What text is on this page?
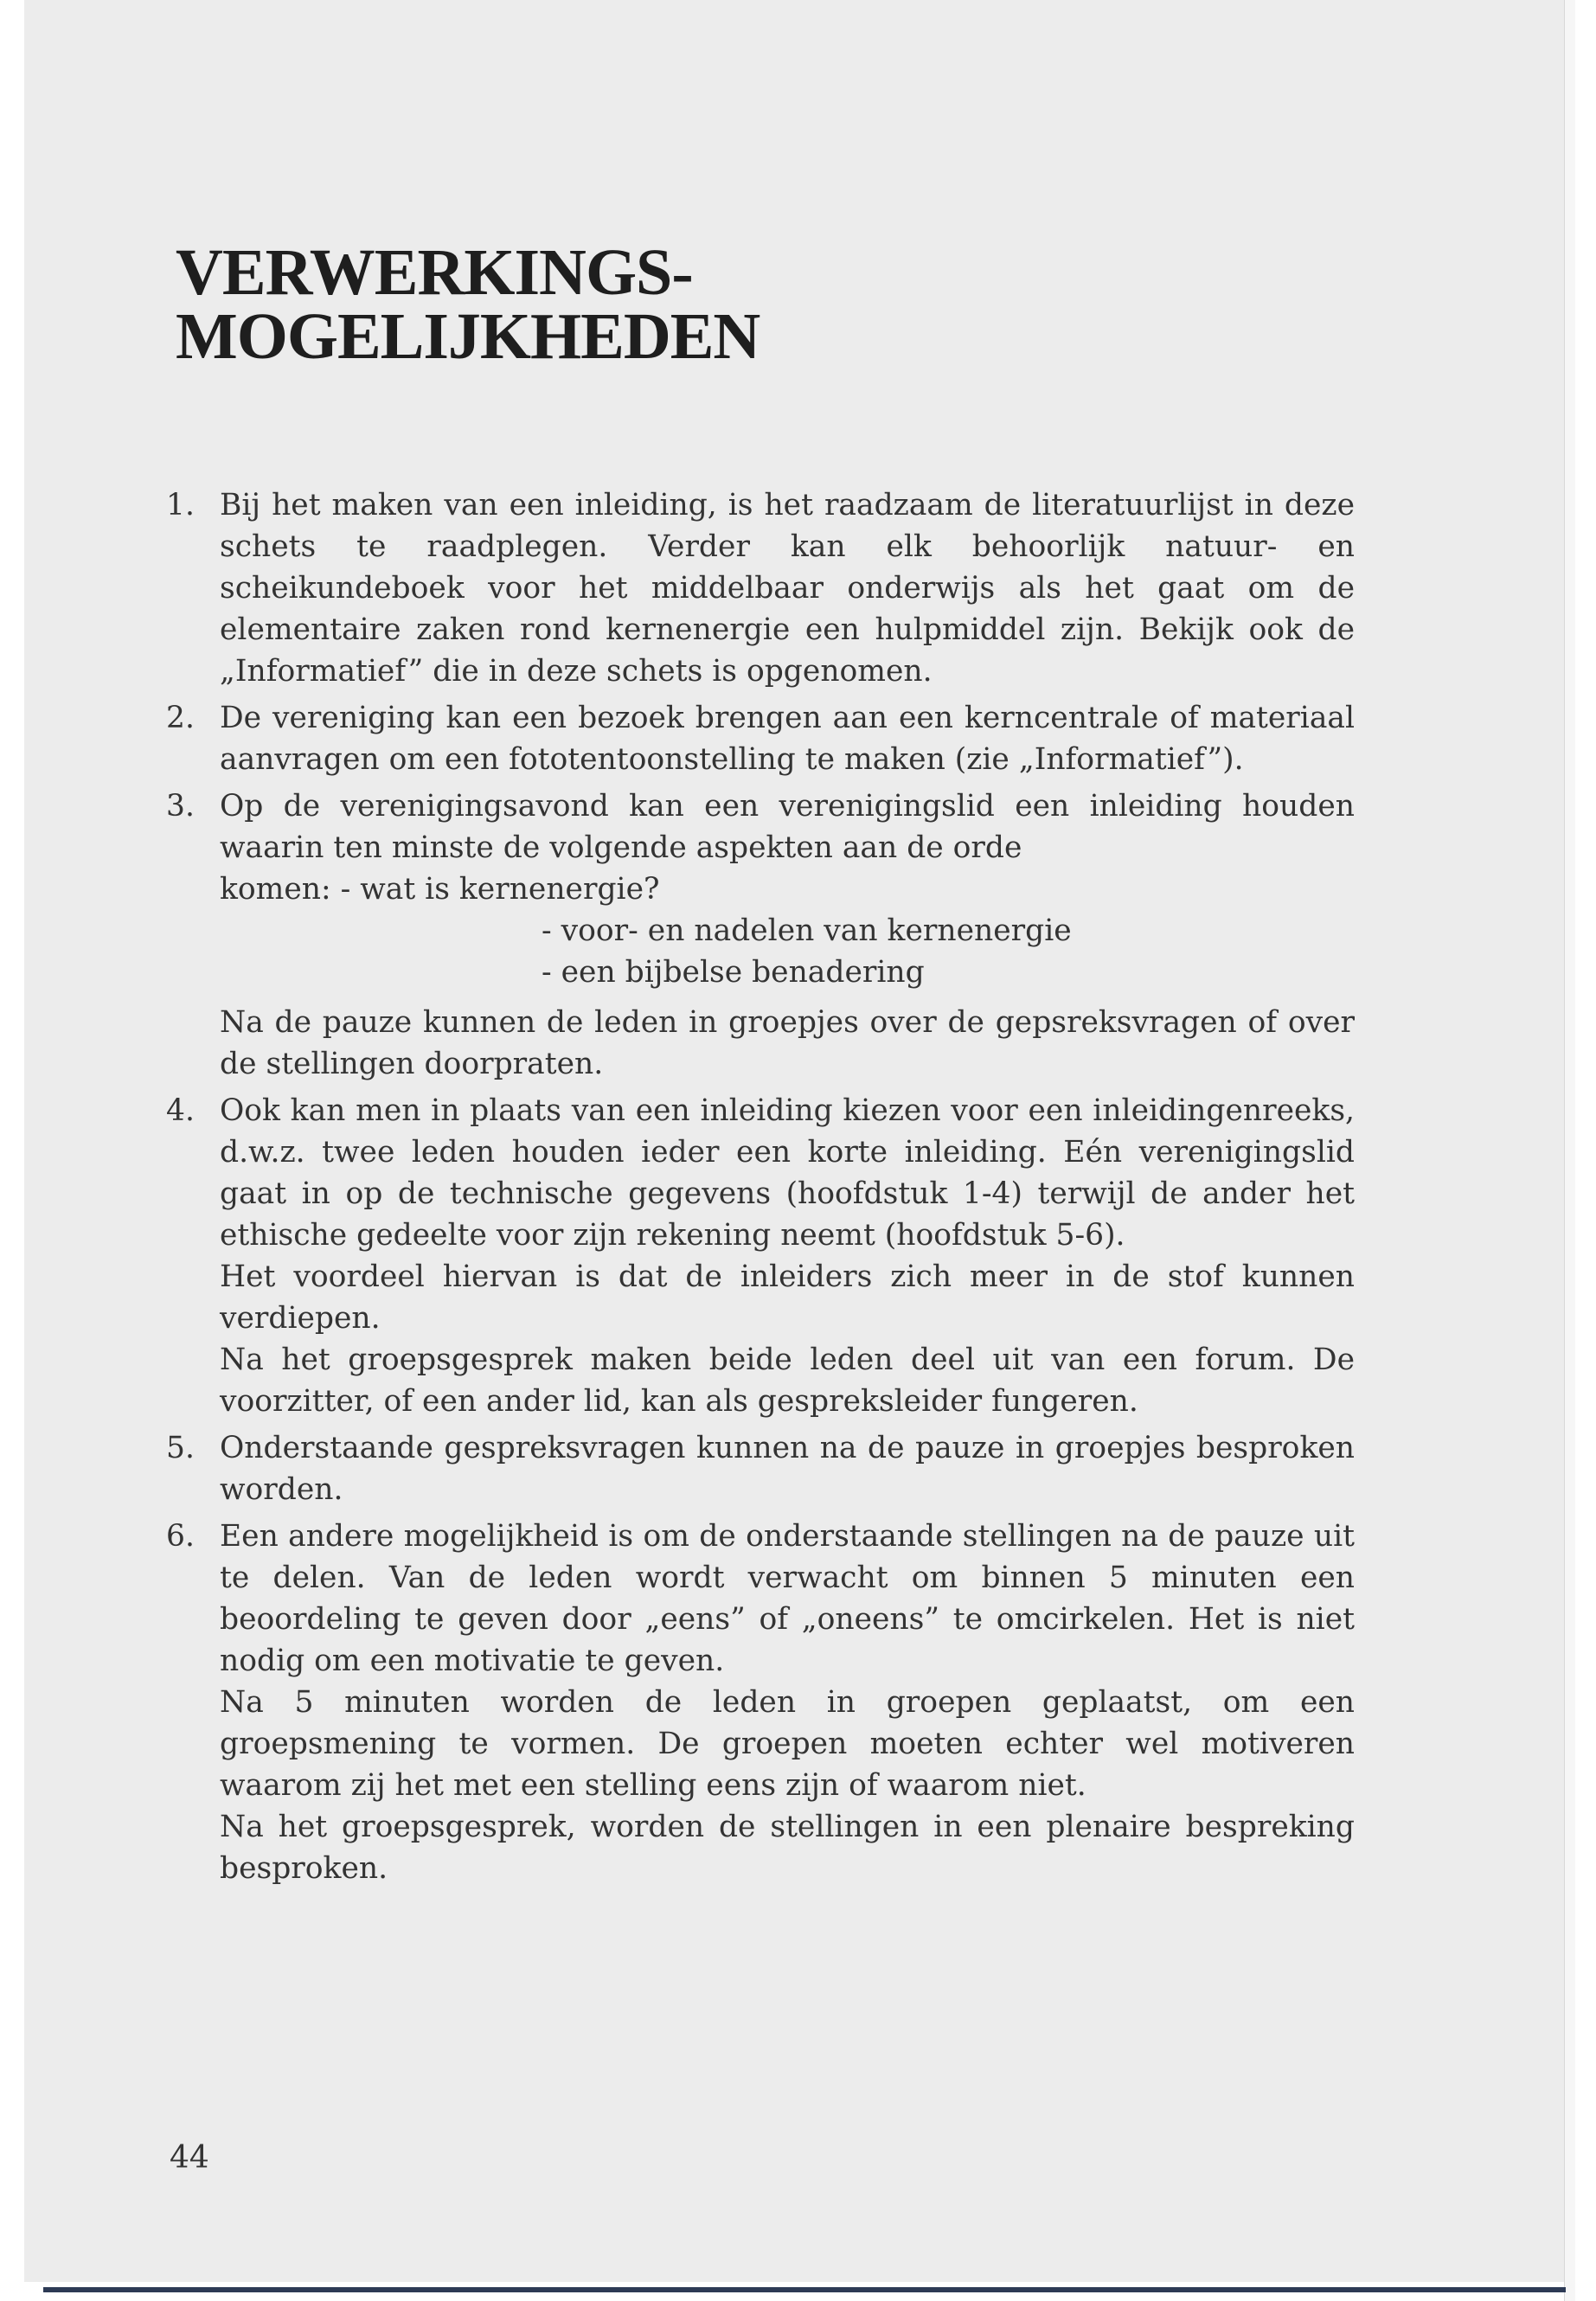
VERWERKINGS-
MOGELIJKHEDEN
1. Bij het maken van een inleiding, is het raadzaam de literatuurlijst in deze schets te raadplegen. Verder kan elk behoorlijk natuur- en scheikundeboek voor het middelbaar onderwijs als het gaat om de elementaire zaken rond kernenergie een hulpmiddel zijn. Bekijk ook de „Informatief” die in deze schets is opgenomen.

2. De vereniging kan een bezoek brengen aan een kerncentrale of materiaal aanvragen om een fototentoonstelling te maken (zie „Informatief”).

3. Op de verenigingsavond kan een verenigingslid een inleiding houden waarin ten minste de volgende aspekten aan de orde

komen: - wat is kernenergie?

- voor- en nadelen van kernenergie

- een bijbelse benadering

Na de pauze kunnen de leden in groepjes over de gepsreksvragen of over de stellingen doorpraten.

4. Ook kan men in plaats van een inleiding kiezen voor een inleidingenreeks, d.w.z. twee leden houden ieder een korte inleiding. Eén verenigingslid gaat in op de technische gegevens (hoofdstuk 1-4) terwijl de ander het ethische gedeelte voor zijn rekening neemt (hoofdstuk 5-6).

Het voordeel hiervan is dat de inleiders zich meer in de stof kunnen verdiepen.

Na het groepsgesprek maken beide leden deel uit van een forum. De voorzitter, of een ander lid, kan als gespreksleider fungeren.

5. Onderstaande gespreksvragen kunnen na de pauze in groepjes besproken worden.

6. Een andere mogelijkheid is om de onderstaande stellingen na de pauze uit te delen. Van de leden wordt verwacht om binnen 5 minuten een beoordeling te geven door „eens” of „oneens” te omcirkelen. Het is niet nodig om een motivatie te geven.

Na 5 minuten worden de leden in groepen geplaatst, om een groepsmening te vormen. De groepen moeten echter wel motiveren waarom zij het met een stelling eens zijn of waarom niet.

Na het groepsgesprek, worden de stellingen in een plenaire bespreking besproken.

44
